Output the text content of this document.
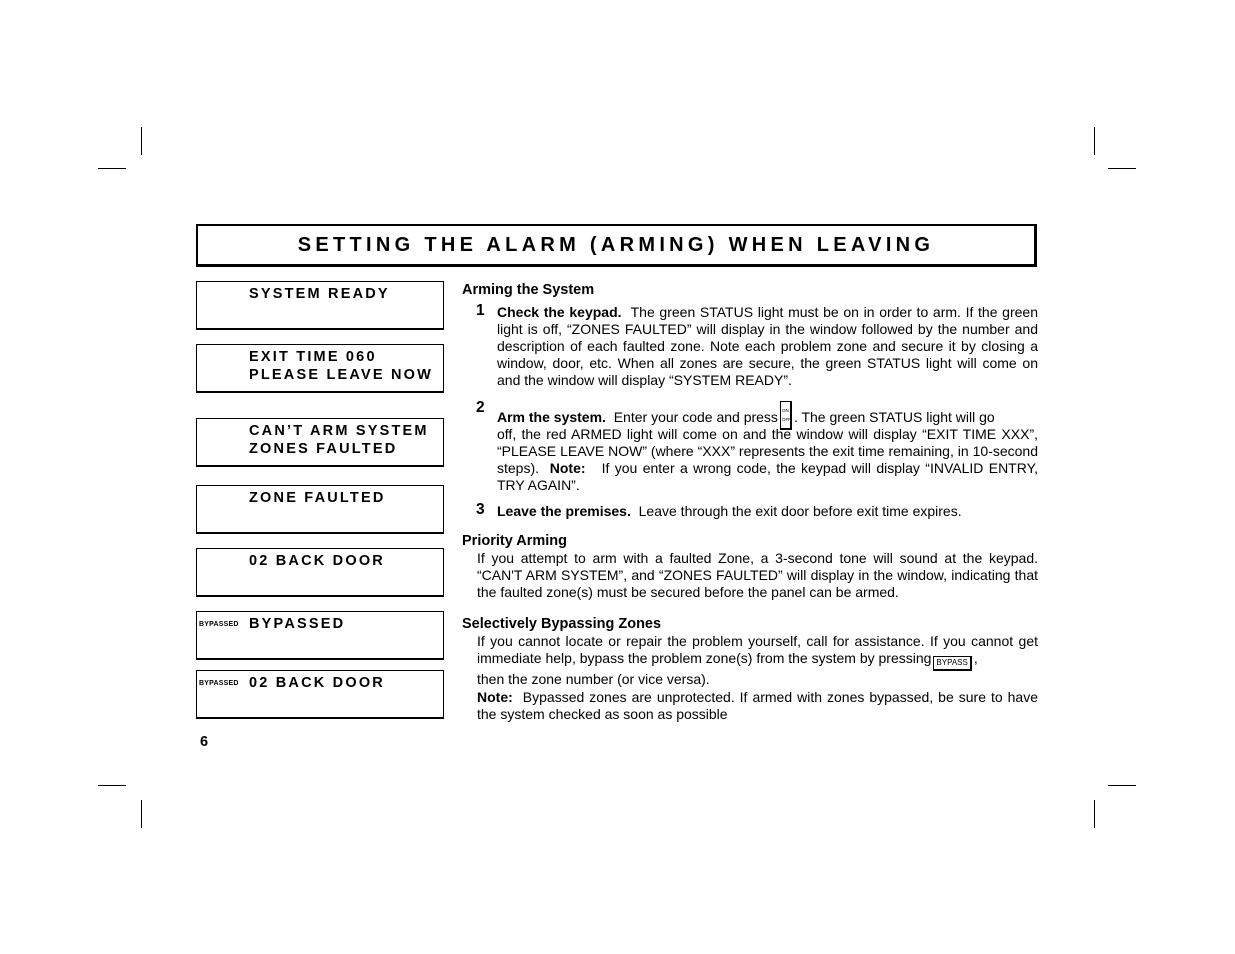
SETTING THE ALARM (ARMING) WHEN LEAVING
SYSTEM READY
EXIT TIME 060
PLEASE LEAVE NOW
CAN’T ARM SYSTEM
ZONES FAULTED
ZONE FAULTED
02 BACK DOOR
BYPASSED BYPASSED
BYPASSED 02 BACK DOOR
Arming the System
1 Check the keypad. The green STATUS light must be on in order to arm. If the green light is off, “ZONES FAULTED” will display in the window followed by the number and description of each faulted zone. Note each problem zone and secure it by closing a window, door, etc. When all zones are secure, the green STATUS light will come on and the window will display “SYSTEM READY”.
2
Arm the system. Enter your code and press ON
OFF . The green STATUS light will go
off, the red ARMED light will come on and the window will display “EXIT TIME XXX”, “PLEASE LEAVE NOW” (where “XXX” represents the exit time remaining, in 10-second steps). Note: If you enter a wrong code, the keypad will display “INVALID ENTRY, TRY AGAIN”.
3 Leave the premises. Leave through the exit door before exit time expires.
Priority Arming
If you attempt to arm with a faulted Zone, a 3-second tone will sound at the keypad. “CAN'T ARM SYSTEM”, and “ZONES FAULTED” will display in the window, indicating that the faulted zone(s) must be secured before the panel can be armed.
Selectively Bypassing Zones
If you cannot locate or repair the problem yourself, call for assistance. If you cannot get immediate help, bypass the problem zone(s) from the system by pressing BYPASS ,
then the zone number (or vice versa).
Note: Bypassed zones are unprotected. If armed with zones bypassed, be sure to have the system checked as soon as possible
6
